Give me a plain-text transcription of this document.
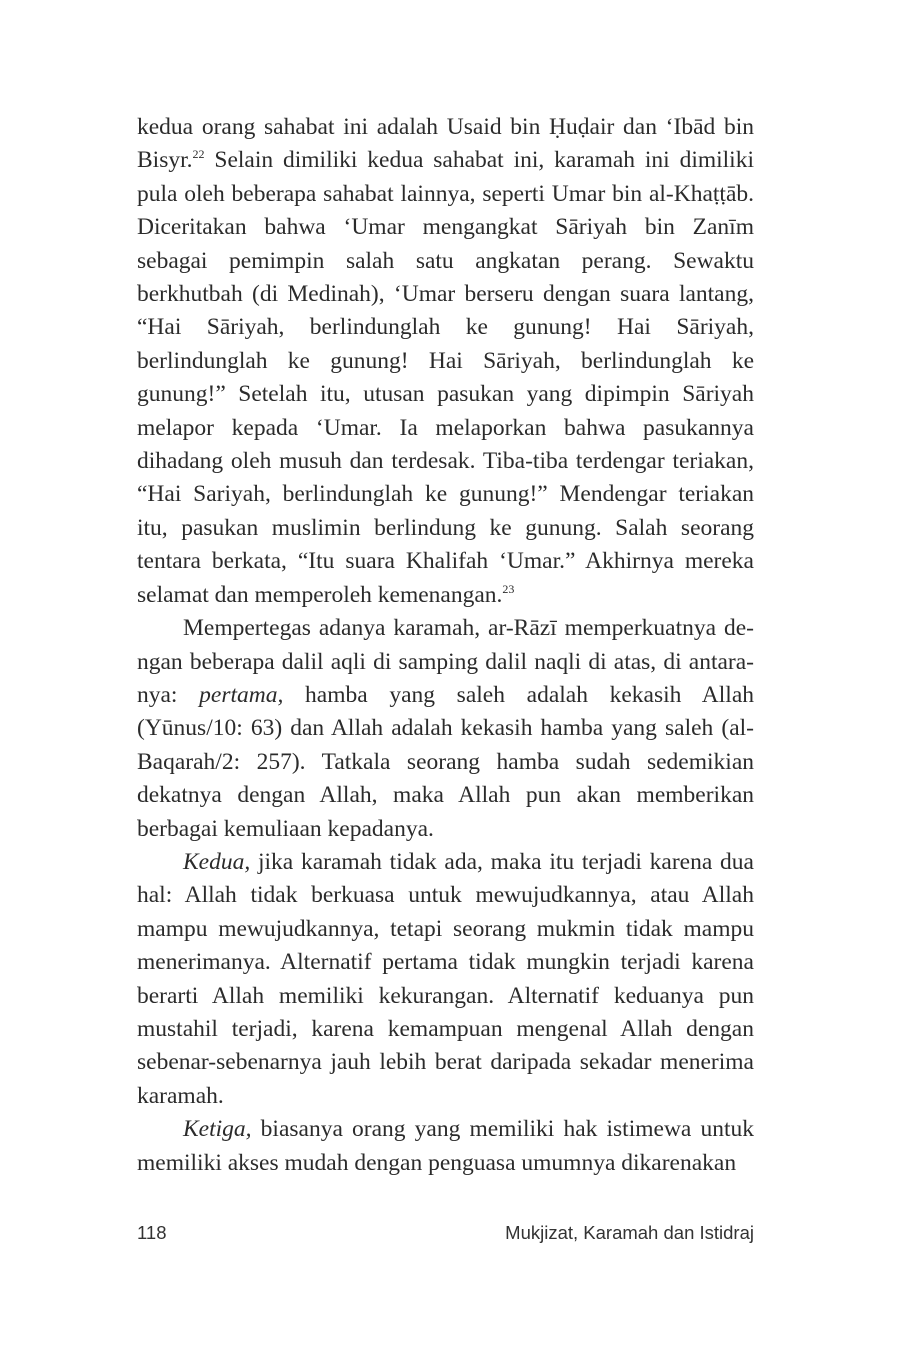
kedua orang sahabat ini adalah Usaid bin Ḥuḍair dan ‘Ibād bin Bisyr.$^{22}$ Selain dimiliki kedua sahabat ini, karamah ini dimiliki pula oleh beberapa sahabat lainnya, seperti Umar bin al-Khaṭṭāb. Diceritakan bahwa ‘Umar mengangkat Sāriyah bin Zanīm sebagai pemimpin salah satu angkatan perang. Sewaktu berkhutbah (di Medinah), ‘Umar berseru dengan suara lantang, “Hai Sāriyah, berlindunglah ke gunung! Hai Sāriyah, berlindunglah ke gunung! Hai Sāriyah, berlindunglah ke gunung!” Setelah itu, utusan pasukan yang dipimpin Sāriyah melapor kepada ‘Umar. Ia melaporkan bahwa pasukannya dihadang oleh musuh dan terdesak. Tiba-tiba terdengar teriakan, “Hai Sariyah, berlindunglah ke gunung!” Mendengar teriakan itu, pasukan muslimin berlindung ke gunung. Salah seorang tentara berkata, “Itu suara Khalifah ‘Umar.” Akhirnya mereka selamat dan memperoleh kemenangan.$^{23}$

Mempertegas adanya karamah, ar-Rāzī memperkuatnya dengan beberapa dalil aqli di samping dalil naqli di atas, di antaranya: pertama, hamba yang saleh adalah kekasih Allah (Yūnus/10: 63) dan Allah adalah kekasih hamba yang saleh (al-Baqarah/2: 257). Tatkala seorang hamba sudah sedemikian dekatnya dengan Allah, maka Allah pun akan memberikan berbagai kemuliaan kepadanya.

Kedua, jika karamah tidak ada, maka itu terjadi karena dua hal: Allah tidak berkuasa untuk mewujudkannya, atau Allah mampu mewujudkannya, tetapi seorang mukmin tidak mampu menerimanya. Alternatif pertama tidak mungkin terjadi karena berarti Allah memiliki kekurangan. Alternatif keduanya pun mustahil terjadi, karena kemampuan mengenal Allah dengan sebenar-sebenarnya jauh lebih berat daripada sekadar menerima karamah.

Ketiga, biasanya orang yang memiliki hak istimewa untuk memiliki akses mudah dengan penguasa umumnya dikarenakan

118	Mukjizat, Karamah dan Istidraj
